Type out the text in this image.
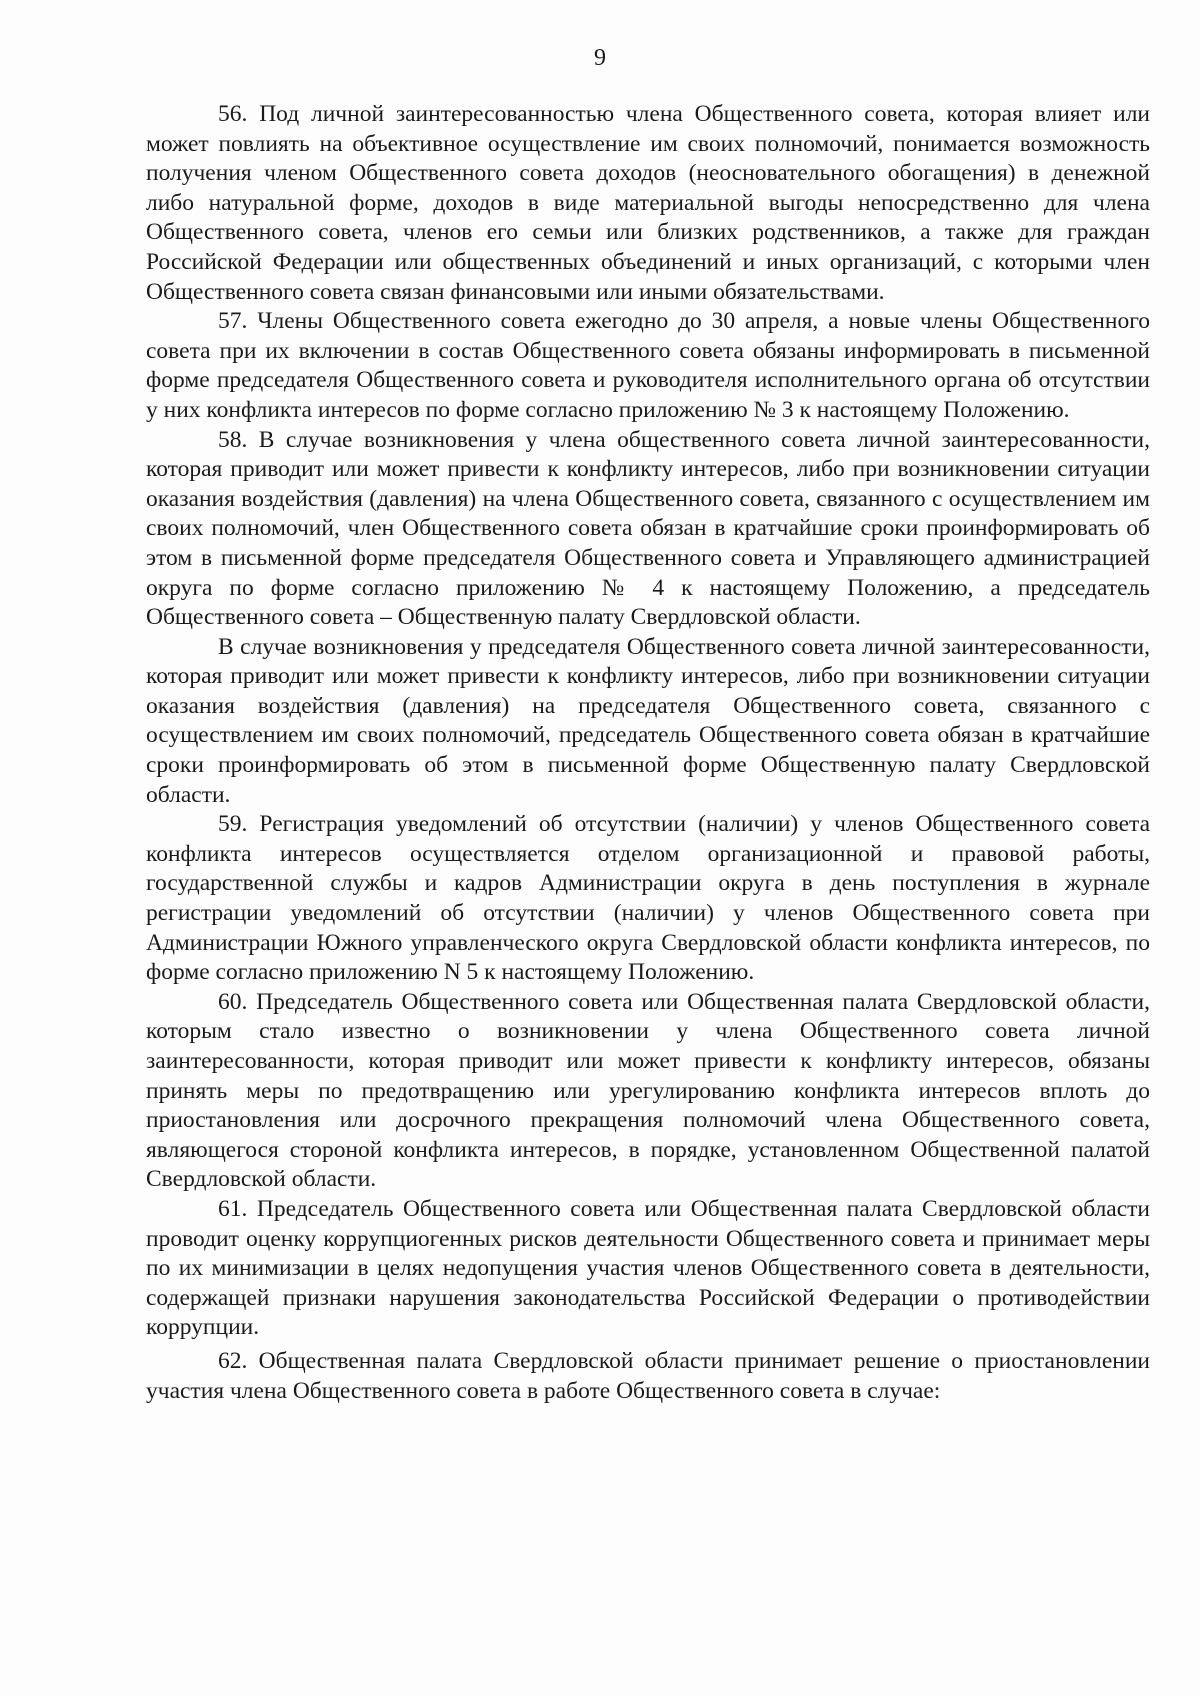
9

56. Под личной заинтересованностью члена Общественного совета, которая влияет или может повлиять на объективное осуществление им своих полномочий, понимается возможность получения членом Общественного совета доходов (неосновательного обогащения) в денежной либо натуральной форме, доходов в виде материальной выгоды непосредственно для члена Общественного совета, членов его семьи или близких родственников, а также для граждан Российской Федерации или общественных объединений и иных организаций, с которыми член Общественного совета связан финансовыми или иными обязательствами.

57. Члены Общественного совета ежегодно до 30 апреля, а новые члены Общественного совета при их включении в состав Общественного совета обязаны информировать в письменной форме председателя Общественного совета и руководителя исполнительного органа об отсутствии у них конфликта интересов по форме согласно приложению № 3 к настоящему Положению.

58. В случае возникновения у члена общественного совета личной заинтересованности, которая приводит или может привести к конфликту интересов, либо при возникновении ситуации оказания воздействия (давления) на члена Общественного совета, связанного с осуществлением им своих полномочий, член Общественного совета обязан в кратчайшие сроки проинформировать об этом в письменной форме председателя Общественного совета и Управляющего администрацией округа по форме согласно приложению № 4 к настоящему Положению, а председатель Общественного совета – Общественную палату Свердловской области.

В случае возникновения у председателя Общественного совета личной заинтересованности, которая приводит или может привести к конфликту интересов, либо при возникновении ситуации оказания воздействия (давления) на председателя Общественного совета, связанного с осуществлением им своих полномочий, председатель Общественного совета обязан в кратчайшие сроки проинформировать об этом в письменной форме Общественную палату Свердловской области.

59. Регистрация уведомлений об отсутствии (наличии) у членов Общественного совета конфликта интересов осуществляется отделом организационной и правовой работы, государственной службы и кадров Администрации округа в день поступления в журнале регистрации уведомлений об отсутствии (наличии) у членов Общественного совета при Администрации Южного управленческого округа Свердловской области конфликта интересов, по форме согласно приложению N 5 к настоящему Положению.

60. Председатель Общественного совета или Общественная палата Свердловской области, которым стало известно о возникновении у члена Общественного совета личной заинтересованности, которая приводит или может привести к конфликту интересов, обязаны принять меры по предотвращению или урегулированию конфликта интересов вплоть до приостановления или досрочного прекращения полномочий члена Общественного совета, являющегося стороной конфликта интересов, в порядке, установленном Общественной палатой Свердловской области.

61. Председатель Общественного совета или Общественная палата Свердловской области проводит оценку коррупциогенных рисков деятельности Общественного совета и принимает меры по их минимизации в целях недопущения участия членов Общественного совета в деятельности, содержащей признаки нарушения законодательства Российской Федерации о противодействии коррупции.

62. Общественная палата Свердловской области принимает решение о приостановлении участия члена Общественного совета в работе Общественного совета в случае:
